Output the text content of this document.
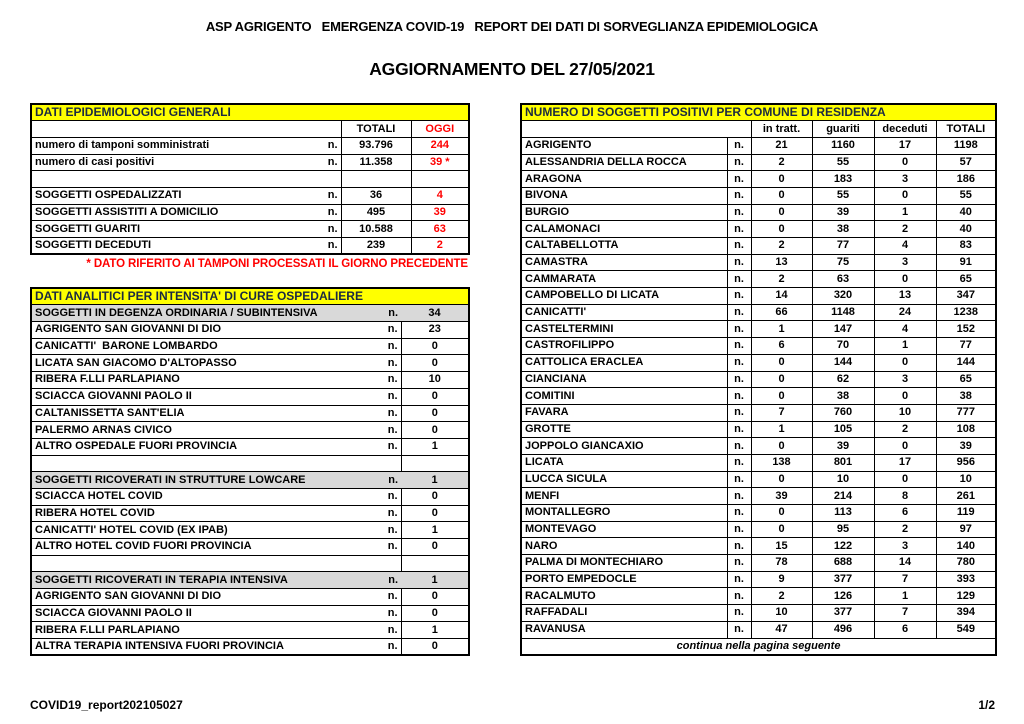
ASP AGRIGENTO   EMERGENZA COVID-19   REPORT DEI DATI DI SORVEGLIANZA EPIDEMIOLOGICA
AGGIORNAMENTO DEL 27/05/2021
DATI EPIDEMIOLOGICI GENERALI			
		TOTALI	OGGI
numero di tamponi somministrati	n.	93.796	244
numero di casi positivi	n.	11.358	39 *

SOGGETTI OSPEDALIZZATI	n.	36	4
SOGGETTI ASSISTITI A DOMICILIO	n.	495	39
SOGGETTI GUARITI	n.	10.588	63
SOGGETTI DECEDUTI	n.	239	2
* DATO RIFERITO AI TAMPONI PROCESSATI IL GIORNO PRECEDENTE
DATI ANALITICI PER INTENSITA' DI CURE OSPEDALIERE		
SOGGETTI IN DEGENZA ORDINARIA / SUBINTENSIVA	n.	34
AGRIGENTO SAN GIOVANNI DI DIO	n.	23
CANICATTI'  BARONE LOMBARDO	n.	0
LICATA SAN GIACOMO D'ALTOPASSO	n.	0
RIBERA F.LLI PARLAPIANO	n.	10
SCIACCA GIOVANNI PAOLO II	n.	0
CALTANISSETTA SANT'ELIA	n.	0
PALERMO ARNAS CIVICO	n.	0
ALTRO OSPEDALE FUORI PROVINCIA	n.	1

SOGGETTI RICOVERATI IN STRUTTURE LOWCARE	n.	1
SCIACCA HOTEL COVID	n.	0
RIBERA HOTEL COVID	n.	0
CANICATTI' HOTEL COVID (EX IPAB)	n.	1
ALTRO HOTEL COVID FUORI PROVINCIA	n.	0

SOGGETTI RICOVERATI IN TERAPIA INTENSIVA	n.	1
AGRIGENTO SAN GIOVANNI DI DIO	n.	0
SCIACCA GIOVANNI PAOLO II	n.	0
RIBERA F.LLI PARLAPIANO	n.	1
ALTRA TERAPIA INTENSIVA FUORI PROVINCIA	n.	0
NUMERO DI SOGGETTI POSITIVI PER COMUNE DI RESIDENZA					
		in tratt.	guariti	deceduti	TOTALI
AGRIGENTO	n.	21	1160	17	1198
ALESSANDRIA DELLA ROCCA	n.	2	55	0	57
ARAGONA	n.	0	183	3	186
BIVONA	n.	0	55	0	55
BURGIO	n.	0	39	1	40
CALAMONACI	n.	0	38	2	40
CALTABELLOTTA	n.	2	77	4	83
CAMASTRA	n.	13	75	3	91
CAMMARATA	n.	2	63	0	65
CAMPOBELLO DI LICATA	n.	14	320	13	347
CANICATTI'	n.	66	1148	24	1238
CASTELTERMINI	n.	1	147	4	152
CASTROFILIPPO	n.	6	70	1	77
CATTOLICA ERACLEA	n.	0	144	0	144
CIANCIANA	n.	0	62	3	65
COMITINI	n.	0	38	0	38
FAVARA	n.	7	760	10	777
GROTTE	n.	1	105	2	108
JOPPOLO GIANCAXIO	n.	0	39	0	39
LICATA	n.	138	801	17	956
LUCCA SICULA	n.	0	10	0	10
MENFI	n.	39	214	8	261
MONTALLEGRO	n.	0	113	6	119
MONTEVAGO	n.	0	95	2	97
NARO	n.	15	122	3	140
PALMA DI MONTECHIARO	n.	78	688	14	780
PORTO EMPEDOCLE	n.	9	377	7	393
RACALMUTO	n.	2	126	1	129
RAFFADALI	n.	10	377	7	394
RAVANUSA	n.	47	496	6	549
continua nella pagina seguente					
COVID19_report202105027	1/2
